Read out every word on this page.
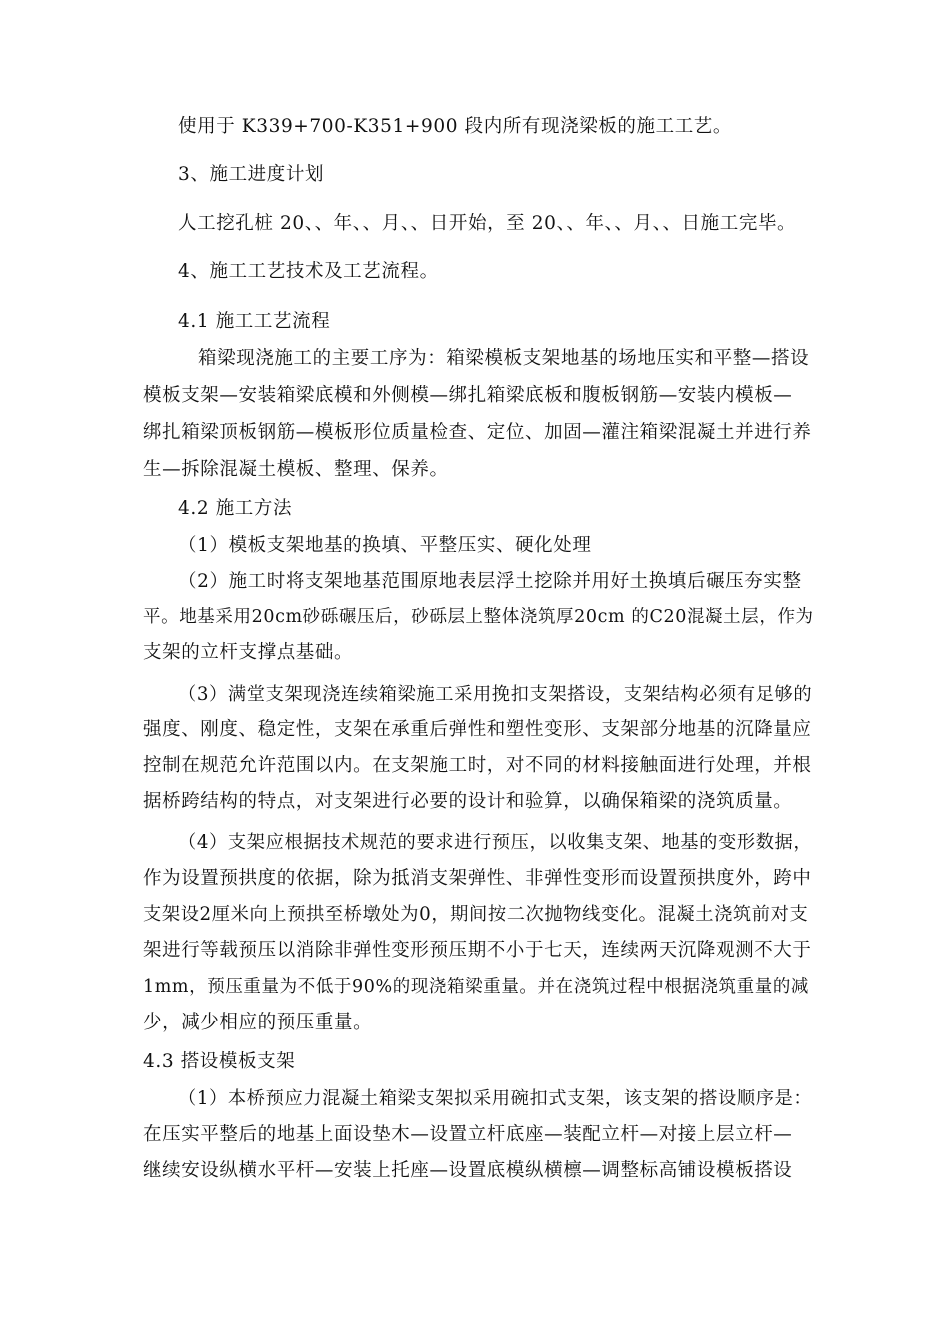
使用于 K339+700-K351+900 段内所有现浇梁板的施工工艺。
3、施工进度计划
人工挖孔桩 20、、年、、月、、日开始，至 20、、年、、月、、日施工完毕。
4、施工工艺技术及工艺流程。
4.1 施工工艺流程
箱梁现浇施工的主要工序为：箱梁模板支架地基的场地压实和平整—搭设
模板支架—安装箱梁底模和外侧模—绑扎箱梁底板和腹板钢筋—安装内模板—
绑扎箱梁顶板钢筋—模板形位质量检查、定位、加固—灌注箱梁混凝土并进行养
生—拆除混凝土模板、整理、保养。
4.2 施工方法
（1）模板支架地基的换填、平整压实、硬化处理
（2）施工时将支架地基范围原地表层浮土挖除并用好土换填后碾压夯实整
平。地基采用20cm砂砾碾压后，砂砾层上整体浇筑厚20cm 的C20混凝土层，作为
支架的立杆支撑点基础。
（3）满堂支架现浇连续箱梁施工采用挽扣支架搭设，支架结构必须有足够的
强度、刚度、稳定性，支架在承重后弹性和塑性变形、支架部分地基的沉降量应
控制在规范允许范围以内。在支架施工时，对不同的材料接触面进行处理，并根
据桥跨结构的特点，对支架进行必要的设计和验算，以确保箱梁的浇筑质量。
（4）支架应根据技术规范的要求进行预压，以收集支架、地基的变形数据，
作为设置预拱度的依据，除为抵消支架弹性、非弹性变形而设置预拱度外，跨中
支架设2厘米向上预拱至桥墩处为0，期间按二次抛物线变化。混凝土浇筑前对支
架进行等载预压以消除非弹性变形预压期不小于七天，连续两天沉降观测不大于
1mm，预压重量为不低于90%的现浇箱梁重量。并在浇筑过程中根据浇筑重量的减
少，减少相应的预压重量。
4.3 搭设模板支架
（1）本桥预应力混凝土箱梁支架拟采用碗扣式支架，该支架的搭设顺序是：
在压实平整后的地基上面设垫木—设置立杆底座—装配立杆—对接上层立杆—
继续安设纵横水平杆—安装上托座—设置底模纵横檩—调整标高铺设模板搭设
